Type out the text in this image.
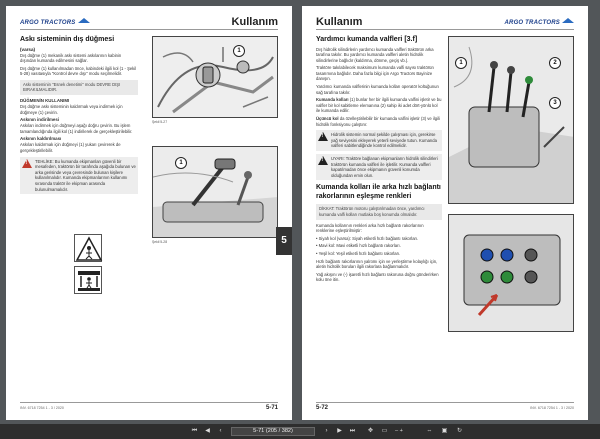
ARGO TRACTORS	Kullanım
Askı sisteminin dış düğmesi
(varsa)

Dış düğme (1) mekanik askı sistemi askılarının kabinin dışından kumanda edilmesini sağlar.

Dış düğme (1) kullanılmadan önce, kabindeki ilgili kol (1 - Şekil 5-28) vasıtasıyla "Kontrol devre dışı" modu seçilmelidir.

Askı sisteminin "Esnek denetimi" modu DEVRE DIŞI BIRAKILMALIDIR.
DÜĞMENİN KULLANIMI

Dış düğme askı sisteminin kaldırmak veya indirmek için düğmeye (1) çevirin.

Askının indirilmesi

Askıları indirmek için düğmeyi aşağı doğru çevirin. Bu işlem tamamlandığında ilgili kol (1) indirilerek de gerçekleştirilebilir.

Askının kaldırılması

Askıları kaldırmak için düğmeyi (1) yukarı çevirerek de gerçekleştirilebilir.

!
TEHLİKE: Bu kumanda ekipmanları güvenli bir mesafeden, traktörün bir tarafında aşağıda bulunan ve arka gerisinde veya çevresinde bulunan kişilere kullanılmalıdır. Kumanda ekipmanlarının kullanımı sırasında traktör ile ekipman arasında bulunulmamalıdır.
1
Şekil 5-27
1
Şekil 5-28	5
INV. 6718 7254 1 - 3 / 2020	5-71
Kullanım	ARGO TRACTORS
Yardımcı kumanda valfleri [3.f]

Dış hidrolik silindirlerin yardımcı kumanda valfleri traktörün arka tarafına takılır. Bu yardımcı kumanda valfleri aletin hidrolik silindirlerine bağlıdır (kaldırma, dönme, geçiş vb.).

Traktöre takılabilecek maksimum kumanda valfi sayısı traktörün tasarımına bağlıdır. Daha fazla bilgi için Argo Tractors Bayinize danışın.

Yardımcı kumanda valflerinin kumanda kolları operatör koltuğunun sağ tarafına takılır.

Kumanda kolları (1) bunlar her bir ilgili kumanda valfini işletir ve bu valfler bir kol sabitleme elemanına (2) sahip iki adet dört-yönlü kol ile kumanda edilir.

Üçüncü kol da özelleştirilebilir bir kumanda valfini işletir (3) ve ilgili hidrolik fonksiyonu çalıştırır.

!
Hidrolik sistemin normal şekilde çalışması için, gerekirse yağ seviyesini ekleyerek yeterli seviyede tutun. Kumanda valfleri sabitlendiğinde kontrol edilmelidir.
!
UYARI: Traktöre bağlanan ekipmanların hidrolik silindirleri traktörün kumanda valfleri ile işletilir. Kumanda valfleri kapatılmadan önce ekipmanın güvenli konumda olduğundan emin olun.
Kumanda kolları ile arka hızlı bağlantı rakorlarının eşleşme renkleri
DİKKAT: Traktörün motoru çalıştırılmadan önce, yardımcı kumanda valfi kolları mutlaka boş konumda olmalıdır.

Kumanda kollarının renkleri arka hızlı bağlantı rakorlarının renklerine eşleştirilmiştir:

• Siyah kol (varsa): Siyah etiketli hızlı bağlantı rakorları.

• Mavi kol: Mavi etiketli hızlı bağlantı rakorları.

• Yeşil kol: Yeşil etiketli hızlı bağlantı rakorları.

Hızlı bağlantı rakorlarının yalıtımı için ve yerleştirme kolaylığı için, aletin hidrolik boruları ilgili rakorlara bağlanmalıdır.

Yağ akışını ve (-) işaretli hızlı bağlantı rakoruna doğru gönderirken kolu öne itin.

1	2
3
5-72	INV. 6718 7254 1 - 3 / 2020
⏮	◀	‹	5-71 (205 / 382)	›	▶	⏭	✥	▭ – +	⇔ ▣	↻
